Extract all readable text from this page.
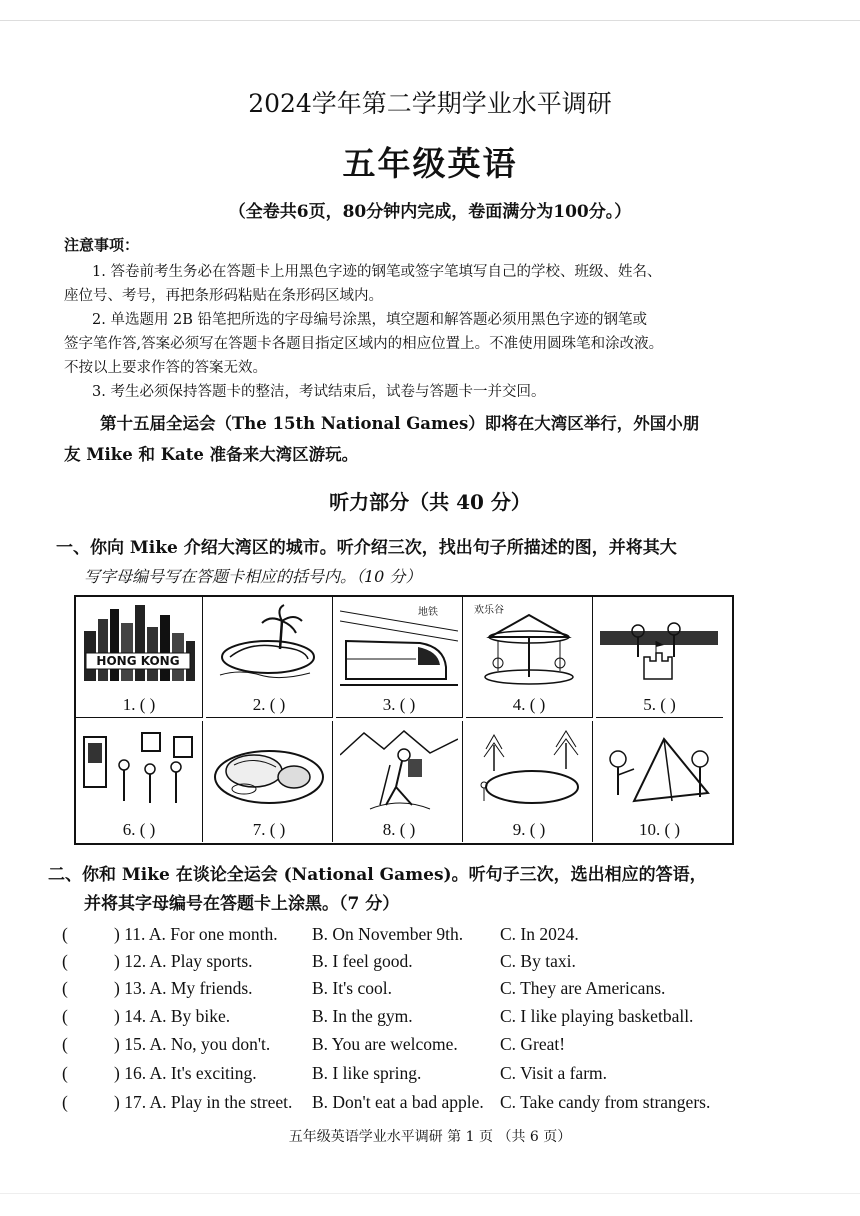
2024学年第二学期学业水平调研
五年级英语
（全卷共6页，80分钟内完成，卷面满分为100分。）
注意事项：
1. 答卷前考生务必在答题卡上用黑色字迹的钢笔或签字笔填写自己的学校、班级、姓名、
座位号、考号，再把条形码粘贴在条形码区域内。
2. 单选题用 2B 铅笔把所选的字母编号涂黑，填空题和解答题必须用黑色字迹的钢笔或
签字笔作答,答案必须写在答题卡各题目指定区域内的相应位置上。不准使用圆珠笔和涂改液。
不按以上要求作答的答案无效。
3. 考生必须保持答题卡的整洁，考试结束后，试卷与答题卡一并交回。
第十五届全运会（The 15th National Games）即将在大湾区举行，外国小朋
友 Mike 和 Kate 准备来大湾区游玩。
听力部分（共 40 分）
一、你向 Mike 介绍大湾区的城市。听介绍三次，找出句子所描述的图，并将其大
写字母编号写在答题卡相应的括号内。（10 分）
HONG KONG
1. ( )	2. ( )
地铁
3. ( )
欢乐谷
4. ( )	5. ( )
6. ( )	7. ( )	8. ( )	9. ( )	10. ( )
二、你和 Mike 在谈论全运会 (National Games)。听句子三次，选出相应的答语，
并将其字母编号在答题卡上涂黑。（7 分）
(	) 11. A. For one month. B. On November 9th. C. In 2024.
(	) 12. A. Play sports.	B. I feel good.	C. By taxi.
(	) 13. A. My friends.	B. It's cool.	C. They are Americans.
(	) 14. A. By bike.	B. In the gym.	C. I like playing basketball.
(	) 15. A. No, you don't. B. You are welcome. C. Great!
(	) 16. A. It's exciting.	B. I like spring.	C. Visit a farm.
(	) 17. A. Play in the street. B. Don't eat a bad apple. C. Take candy from strangers.
五年级英语学业水平调研 第 1 页 （共 6 页）
